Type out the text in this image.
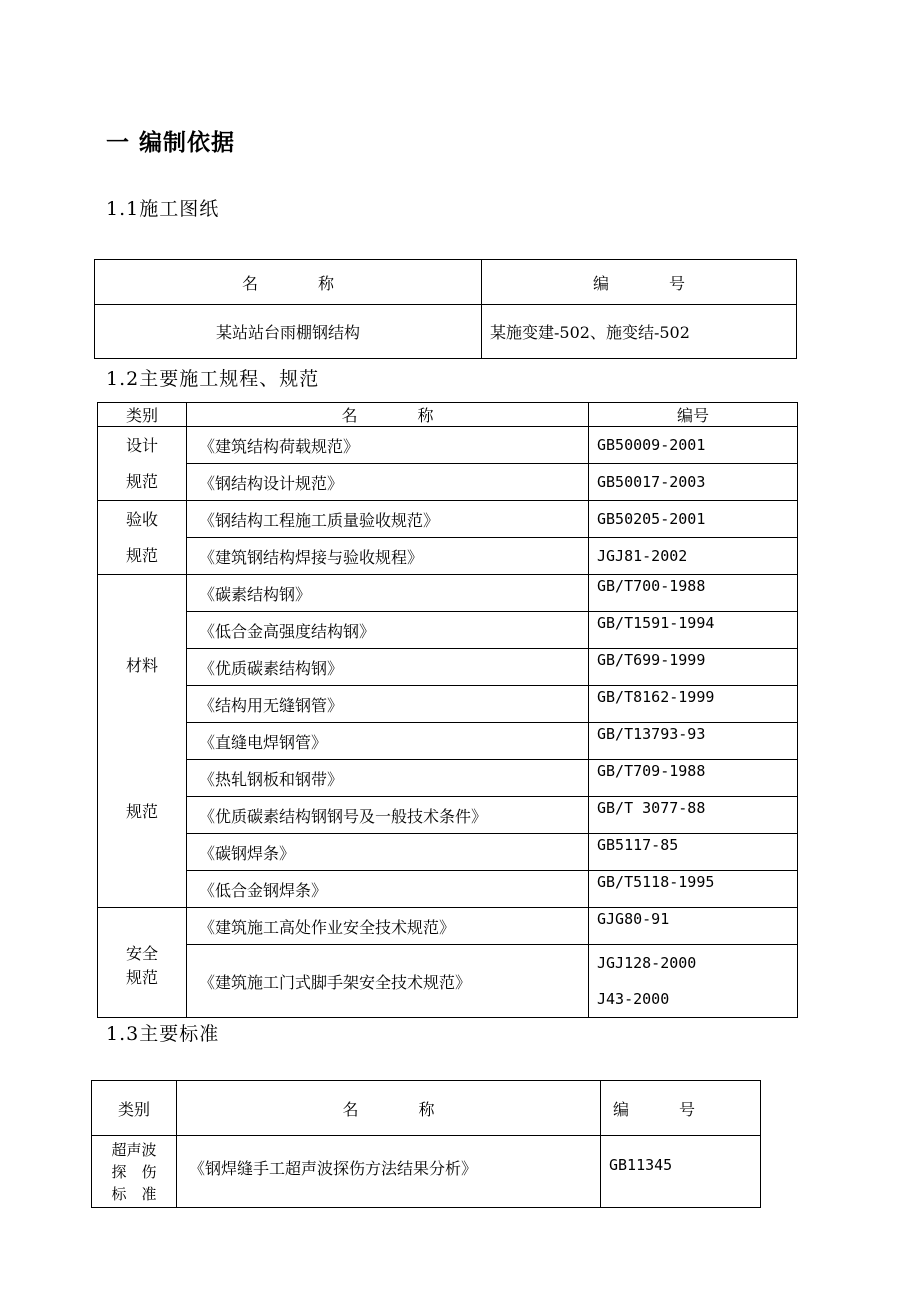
一 编制依据
1.1施工图纸
名 称	编 号
某站站台雨棚钢结构	某施变建-502、施变结-502
1.2主要施工规程、规范
类别	名 称	编号

设计
规范	《建筑结构荷载规范》	GB50009-2001
	《钢结构设计规范》	GB50017-2003

验收
规范	《钢结构工程施工质量验收规范》	GB50205-2001
	《建筑钢结构焊接与验收规程》	JGJ81-2002

材料
规范	《碳素结构钢》	GB/T700-1988
	《低合金高强度结构钢》	GB/T1591-1994
	《优质碳素结构钢》	GB/T699-1999
	《结构用无缝钢管》	GB/T8162-1999
	《直缝电焊钢管》	GB/T13793-93
	《热轧钢板和钢带》	GB/T709-1988
	《优质碳素结构钢钢号及一般技术条件》	GB/T 3077-88
	《碳钢焊条》	GB5117-85
	《低合金钢焊条》	GB/T5118-1995

安全
规范	《建筑施工高处作业安全技术规范》	GJG80-91
	《建筑施工门式脚手架安全技术规范》	JGJ128-2000
J43-2000
1.3主要标准
类别	名 称	编 号

超声波
探　伤
标　准	《钢焊缝手工超声波探伤方法结果分析》	GB11345
